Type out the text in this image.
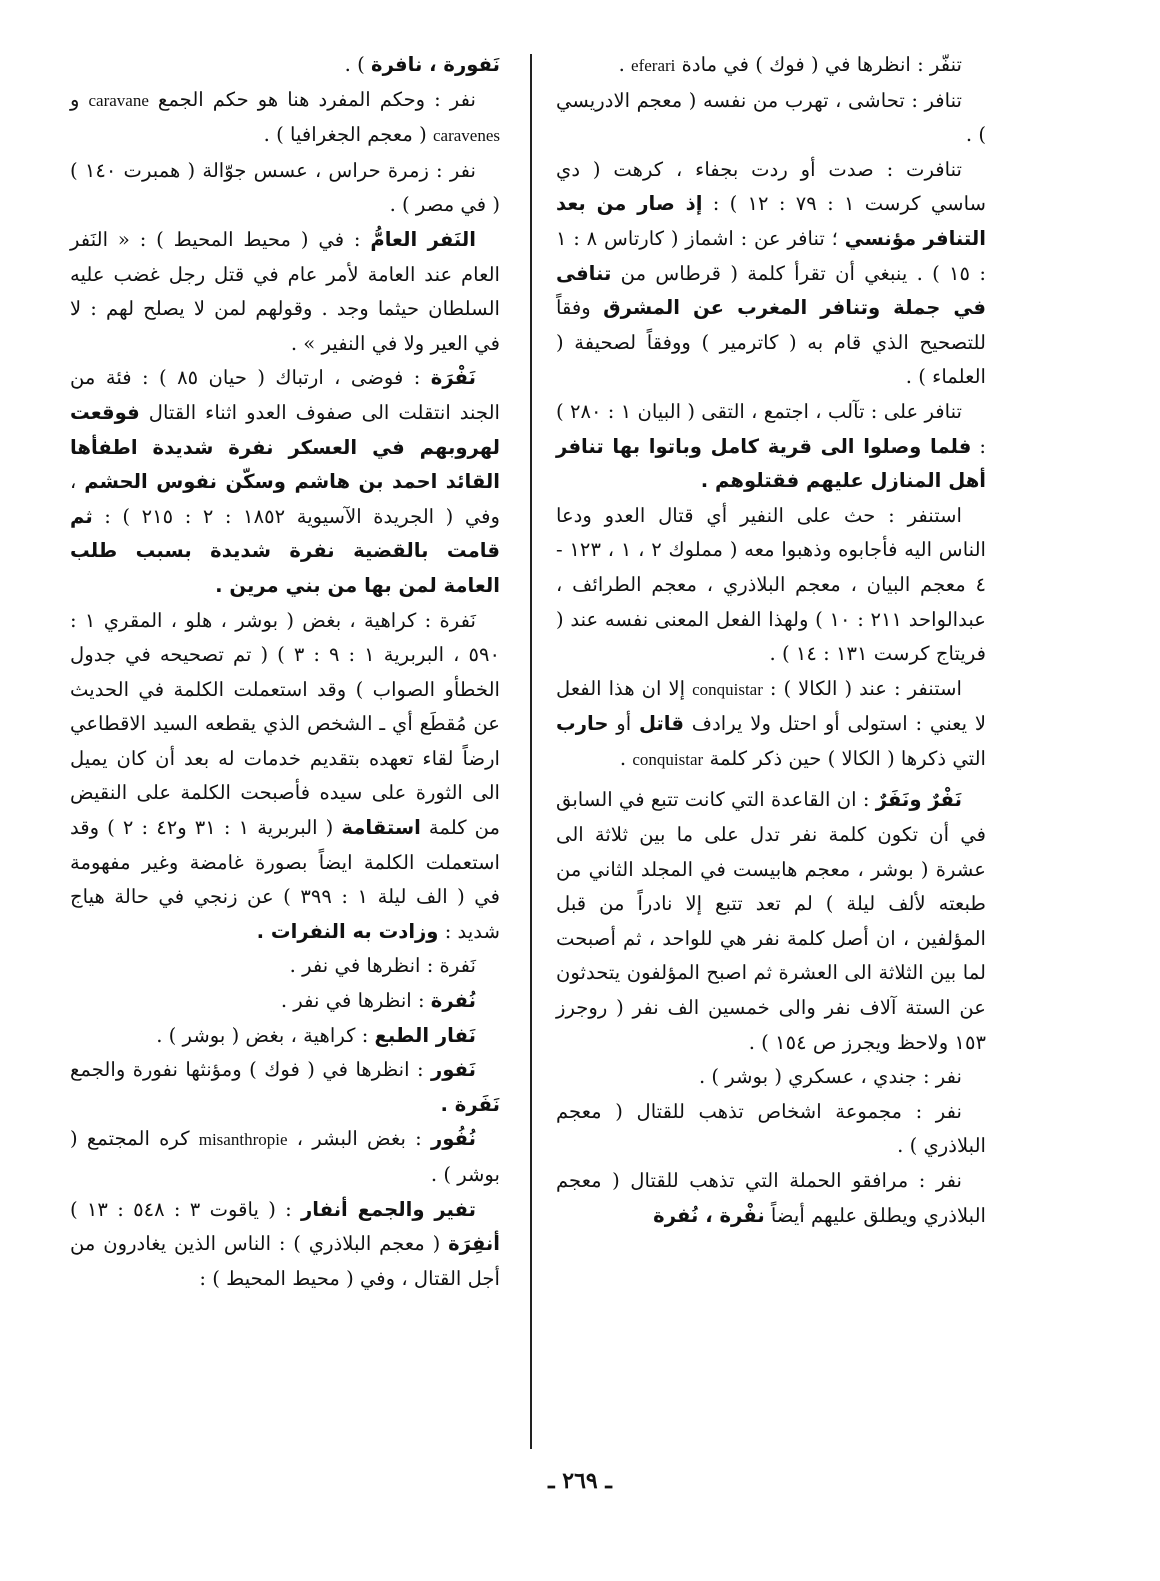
تنفّر : انظرها في ( فوك ) في مادة eferari .

تنافر : تحاشى ، تهرب من نفسه ( معجم الادريسي ) .

تنافرت : صدت أو ردت بجفاء ، كرهت ( دي ساسي كرست ١ : ٧٩ : ١٢ ) : إذ صار من بعد التنافر مؤنسي ؛ تنافر عن : اشماز ( كارتاس ٨ : ١ : ١٥ ) . ينبغي أن تقرأ كلمة ( قرطاس من تنافى في جملة وتنافر المغرب عن المشرق وفقاً للتصحيح الذي قام به ( كاترمير ) ووفقاً لصحيفة ( العلماء ) .

تنافر على : تآلب ، اجتمع ، التقى ( البيان ١ : ٢٨٠ ) : فلما وصلوا الى قرية كامل وباتوا بها تنافر أهل المنازل عليهم فقتلوهم .

استنفر : حث على النفير أي قتال العدو ودعا الناس اليه فأجابوه وذهبوا معه ( مملوك ٢ ، ١ ، ١٢٣ - ٤ معجم البيان ، معجم البلاذري ، معجم الطرائف ، عبدالواحد ٢١١ : ١٠ ) ولهذا الفعل المعنى نفسه عند ( فريتاج كرست ١٣١ : ١٤ ) .

استنفر : عند ( الكالا ) : conquistar إلا ان هذا الفعل لا يعني : استولى أو احتل ولا يرادف قاتل أو حارب التي ذكرها ( الكالا ) حين ذكر كلمة conquistar .

نَفْرٌ ونَفَرٌ : ان القاعدة التي كانت تتبع في السابق في أن تكون كلمة نفر تدل على ما بين ثلاثة الى عشرة ( بوشر ، معجم هابيست في المجلد الثاني من طبعته لألف ليلة ) لم تعد تتبع إلا نادراً من قبل المؤلفين ، ان أصل كلمة نفر هي للواحد ، ثم أصبحت لما بين الثلاثة الى العشرة ثم اصبح المؤلفون يتحدثون عن الستة آلاف نفر والى خمسين الف نفر ( روجرز ١٥٣ ولاحظ ويجرز ص ١٥٤ ) .

نفر : جندي ، عسكري ( بوشر ) .

نفر : مجموعة اشخاص تذهب للقتال ( معجم البلاذري ) .

نفر : مرافقو الحملة التي تذهب للقتال ( معجم البلاذري ويطلق عليهم أيضاً نفْرة ، نُفرة

نَفورة ، نافرة ) .

نفر : وحكم المفرد هنا هو حكم الجمع caravane و caravenes ( معجم الجغرافيا ) .

نفر : زمرة حراس ، عسس جوّالة ( همبرت ١٤٠ ) ( في مصر ) .

النَفر العامُّ : في ( محيط المحيط ) : « النَفر العام عند العامة لأمر عام في قتل رجل غضب عليه السلطان حيثما وجد . وقولهم لمن لا يصلح لهم : لا في العير ولا في النفير » .

نَفْرَة : فوضى ، ارتباك ( حيان ٨٥ ) : فئة من الجند انتقلت الى صفوف العدو اثناء القتال فوقعت لهروبهم في العسكر نفرة شديدة اطفأها القائد احمد بن هاشم وسكّن نفوس الحشم ، وفي ( الجريدة الآسيوية ١٨٥٢ : ٢ : ٢١٥ ) : ثم قامت بالقضية نفرة شديدة بسبب طلب العامة لمن بها من بني مرين .

نَفرة : كراهية ، بغض ( بوشر ، هلو ، المقري ١ : ٥٩٠ ، البربرية ١ : ٩ : ٣ ) ( تم تصحيحه في جدول الخطأو الصواب ) وقد استعملت الكلمة في الحديث عن مُقطَع أي ـ الشخص الذي يقطعه السيد الاقطاعي ارضاً لقاء تعهده بتقديم خدمات له بعد أن كان يميل الى الثورة على سيده فأصبحت الكلمة على النقيض من كلمة استقامة ( البربرية ١ : ٣١ و٤٢ : ٢ ) وقد استعملت الكلمة ايضاً بصورة غامضة وغير مفهومة في ( الف ليلة ١ : ٣٩٩ ) عن زنجي في حالة هياج شديد : وزادت به النفرات .

نَفرة : انظرها في نفر .

نُفرة : انظرها في نفر .

نَفار الطبع : كراهية ، بغض ( بوشر ) .

نَفور : انظرها في ( فوك ) ومؤنثها نفورة والجمع نَفَرة .

نُفُور : بغض البشر ، misanthropie كره المجتمع ( بوشر ) .

تفير والجمع أنفار : ( ياقوت ٣ : ٥٤٨ : ١٣ ) أنفِرَة ( معجم البلاذري ) : الناس الذين يغادرون من أجل القتال ، وفي ( محيط المحيط ) :

ـ ٢٦٩ ـ
